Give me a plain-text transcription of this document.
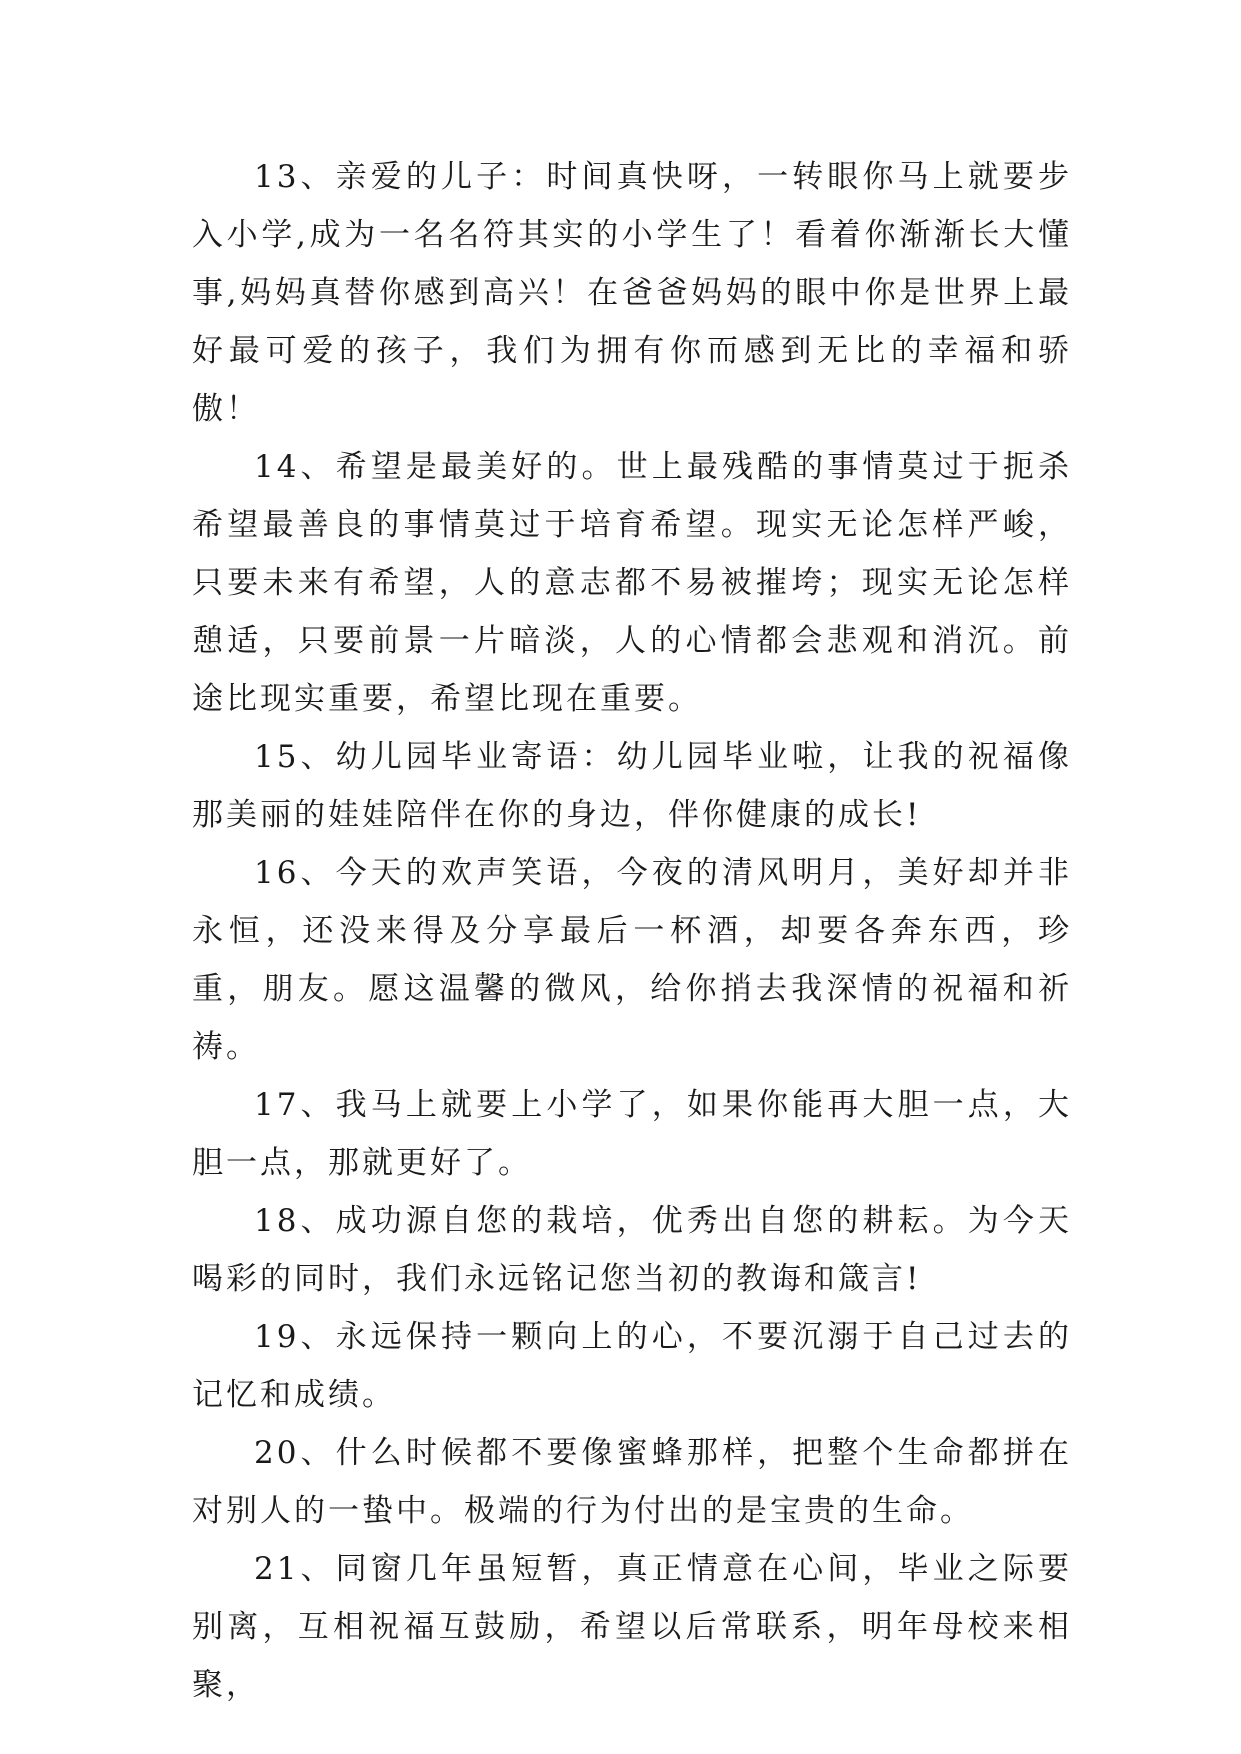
13、亲爱的儿子：时间真快呀，一转眼你马上就要步入小学,成为一名名符其实的小学生了！看着你渐渐长大懂事,妈妈真替你感到高兴！在爸爸妈妈的眼中你是世界上最好最可爱的孩子，我们为拥有你而感到无比的幸福和骄傲！

14、希望是最美好的。世上最残酷的事情莫过于扼杀希望最善良的事情莫过于培育希望。现实无论怎样严峻，只要未来有希望，人的意志都不易被摧垮；现实无论怎样憩适，只要前景一片暗淡，人的心情都会悲观和消沉。前途比现实重要，希望比现在重要。

15、幼儿园毕业寄语：幼儿园毕业啦，让我的祝福像那美丽的娃娃陪伴在你的身边，伴你健康的成长!

16、今天的欢声笑语，今夜的清风明月，美好却并非永恒，还没来得及分享最后一杯酒，却要各奔东西，珍重，朋友。愿这温馨的微风，给你捎去我深情的祝福和祈祷。

17、我马上就要上小学了，如果你能再大胆一点，大胆一点，那就更好了。

18、成功源自您的栽培，优秀出自您的耕耘。为今天喝彩的同时，我们永远铭记您当初的教诲和箴言!

19、永远保持一颗向上的心，不要沉溺于自己过去的记忆和成绩。

20、什么时候都不要像蜜蜂那样，把整个生命都拼在对别人的一蛰中。极端的行为付出的是宝贵的生命。

21、同窗几年虽短暂，真正情意在心间，毕业之际要别离，互相祝福互鼓励，希望以后常联系，明年母校来相聚，
